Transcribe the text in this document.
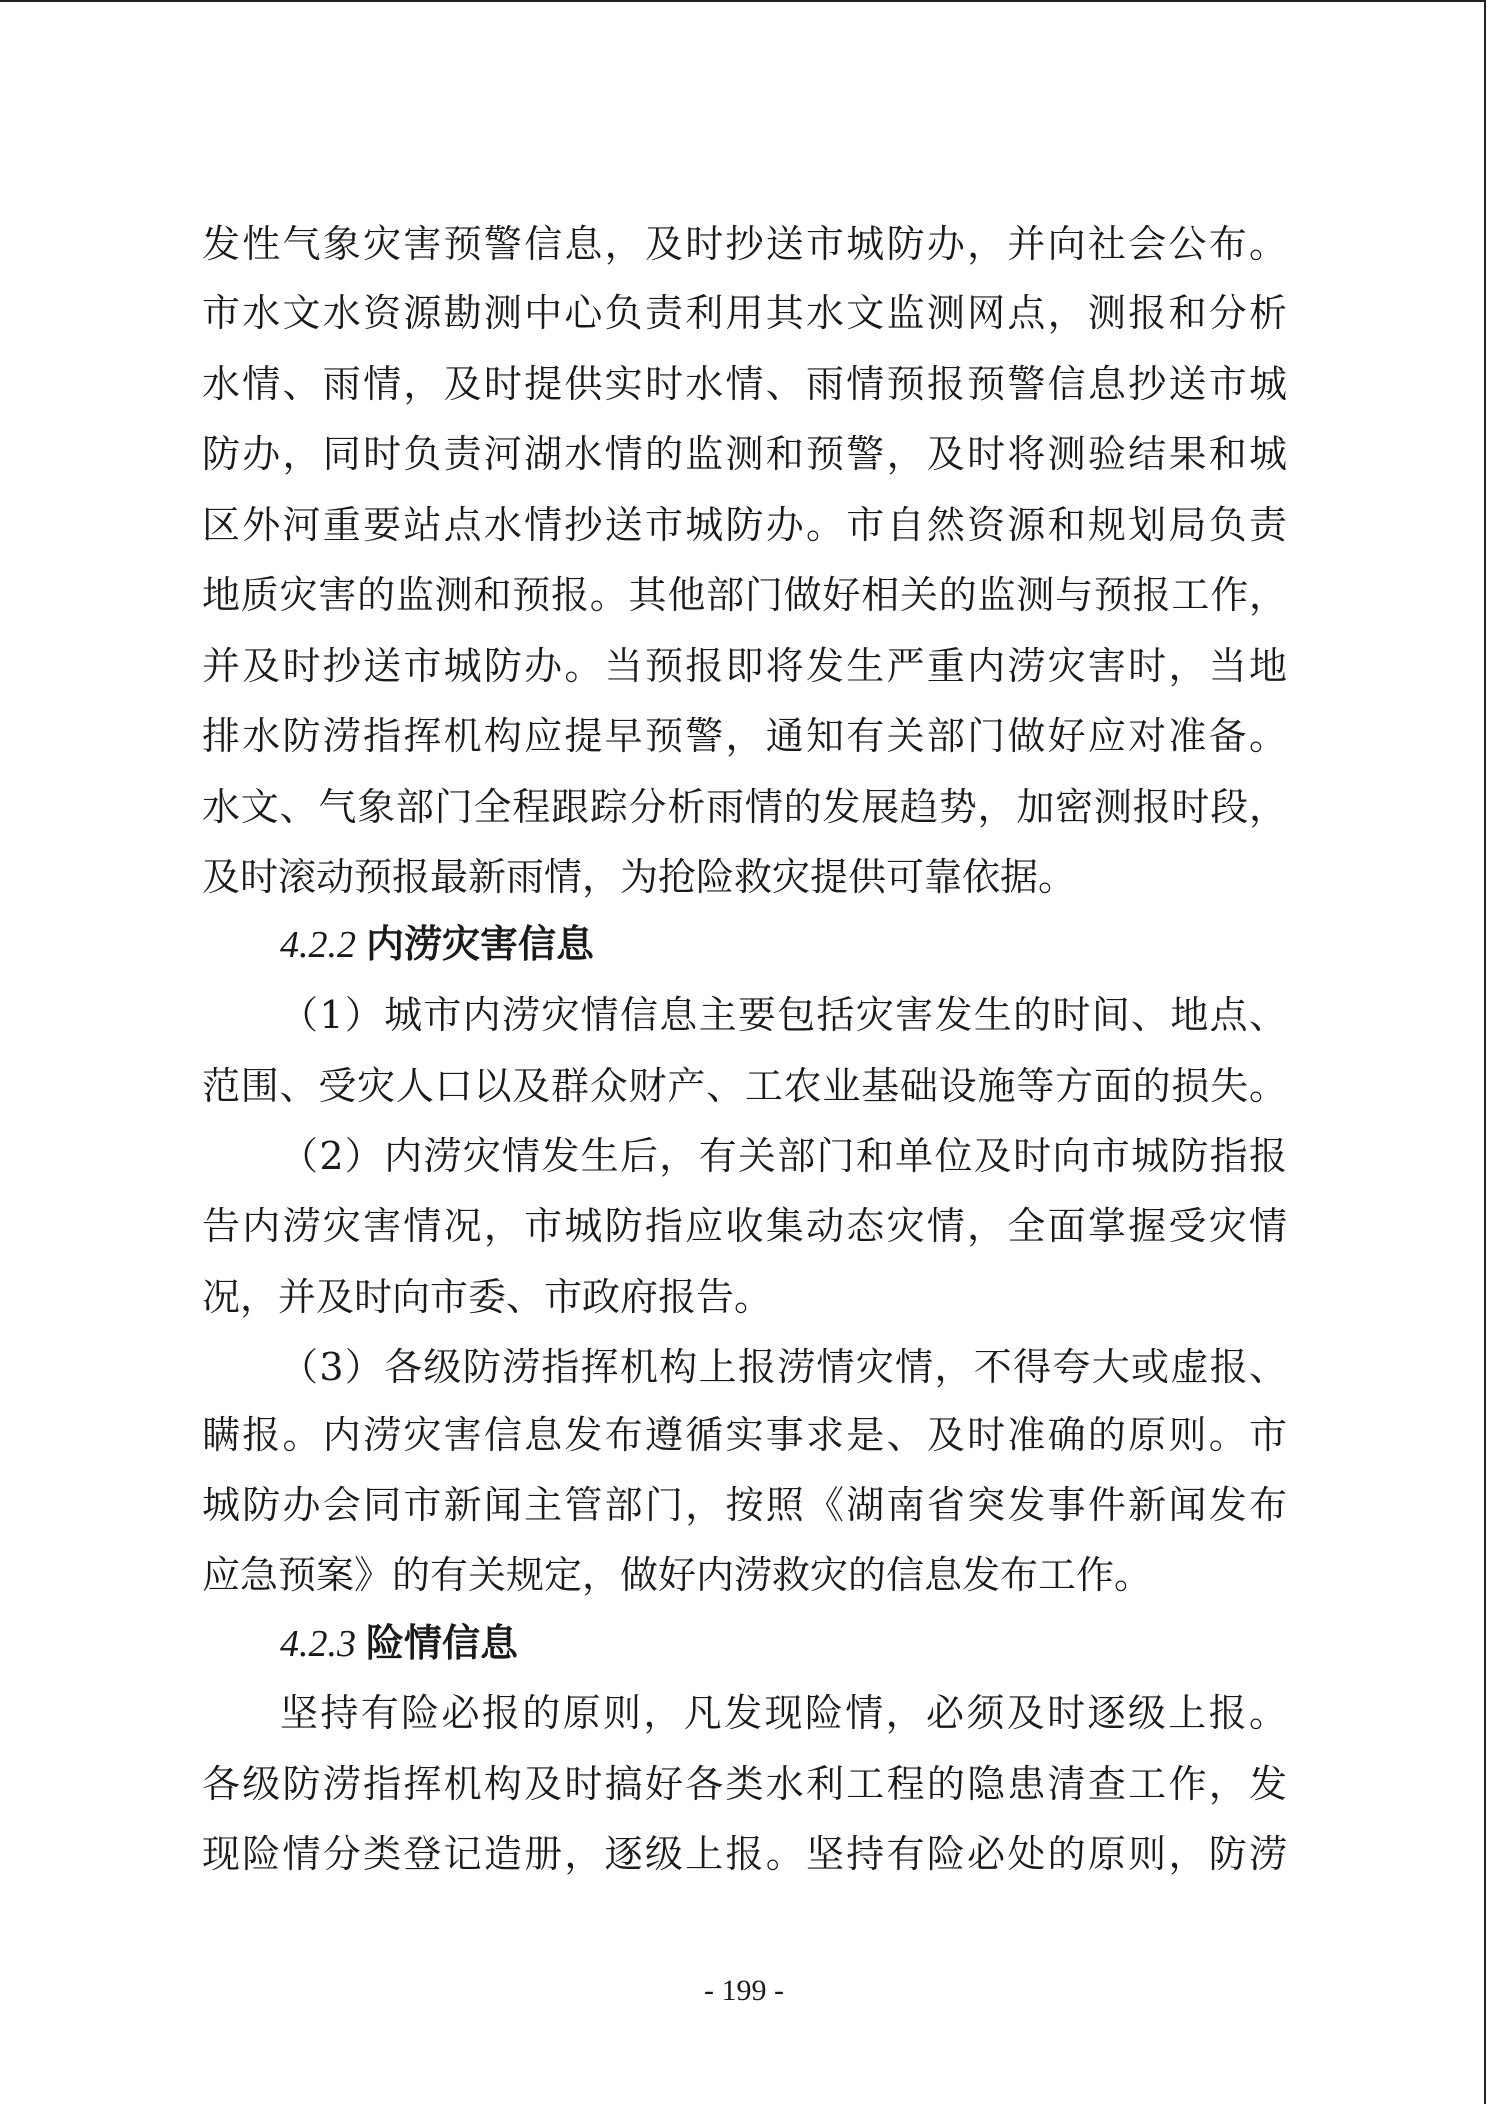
发性气象灾害预警信息，及时抄送市城防办，并向社会公布。
市水文水资源勘测中心负责利用其水文监测网点，测报和分析
水情、雨情，及时提供实时水情、雨情预报预警信息抄送市城
防办，同时负责河湖水情的监测和预警，及时将测验结果和城
区外河重要站点水情抄送市城防办。市自然资源和规划局负责
地质灾害的监测和预报。其他部门做好相关的监测与预报工作，
并及时抄送市城防办。当预报即将发生严重内涝灾害时，当地
排水防涝指挥机构应提早预警，通知有关部门做好应对准备。
水文、气象部门全程跟踪分析雨情的发展趋势，加密测报时段，
及时滚动预报最新雨情，为抢险救灾提供可靠依据。
4.2.2 内涝灾害信息
（1）城市内涝灾情信息主要包括灾害发生的时间、地点、
范围、受灾人口以及群众财产、工农业基础设施等方面的损失。
（2）内涝灾情发生后，有关部门和单位及时向市城防指报
告内涝灾害情况，市城防指应收集动态灾情，全面掌握受灾情
况，并及时向市委、市政府报告。
（3）各级防涝指挥机构上报涝情灾情，不得夸大或虚报、
瞒报。内涝灾害信息发布遵循实事求是、及时准确的原则。市
城防办会同市新闻主管部门，按照《湖南省突发事件新闻发布
应急预案》的有关规定，做好内涝救灾的信息发布工作。
4.2.3 险情信息
坚持有险必报的原则，凡发现险情，必须及时逐级上报。
各级防涝指挥机构及时搞好各类水利工程的隐患清查工作，发
现险情分类登记造册，逐级上报。坚持有险必处的原则，防涝
- 199 -
